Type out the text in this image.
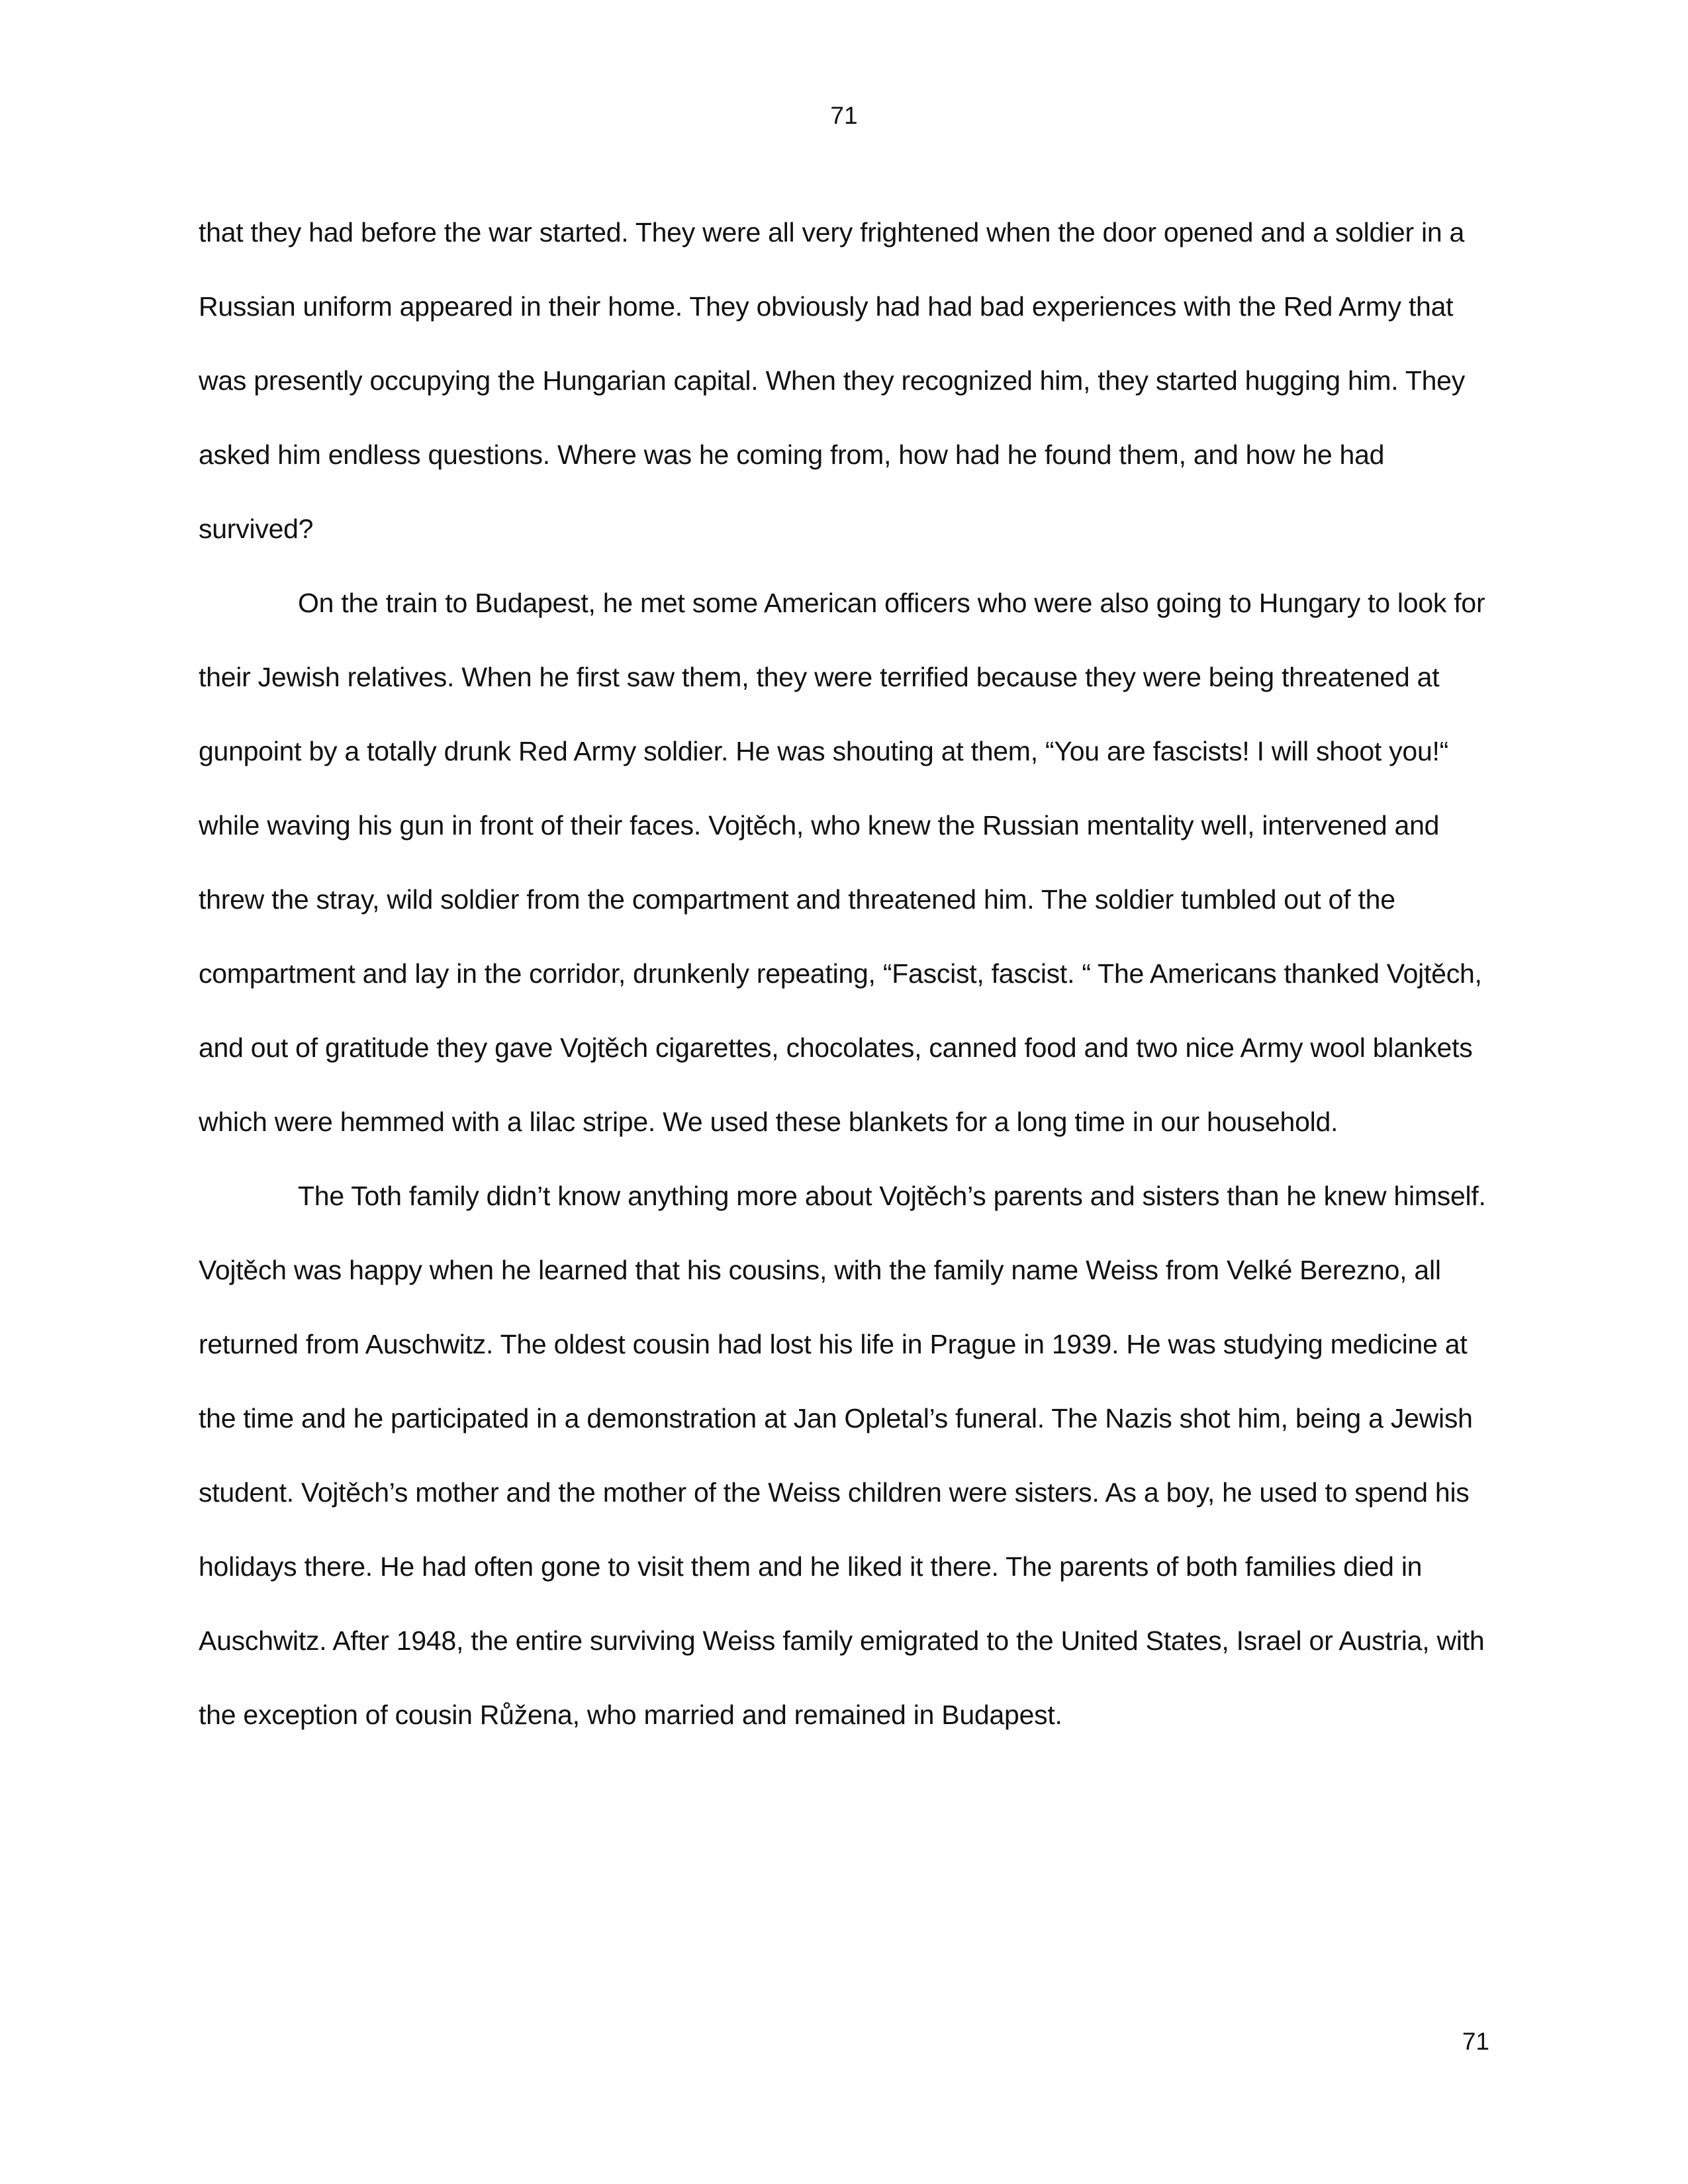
71

that they had before the war started. They were all very frightened when the door opened and a soldier in a Russian uniform appeared in their home. They obviously had had bad experiences with the Red Army that was presently occupying the Hungarian capital. When they recognized him, they started hugging him. They asked him endless questions. Where was he coming from, how had he found them, and how he had survived?

On the train to Budapest, he met some American officers who were also going to Hungary to look for their Jewish relatives. When he first saw them, they were terrified because they were being threatened at gunpoint by a totally drunk Red Army soldier. He was shouting at them, “You are fascists! I will shoot you!“ while waving his gun in front of their faces. Vojtěch, who knew the Russian mentality well, intervened and threw the stray, wild soldier from the compartment and threatened him. The soldier tumbled out of the compartment and lay in the corridor, drunkenly repeating, “Fascist, fascist. “ The Americans thanked Vojtěch, and out of gratitude they gave Vojtěch cigarettes, chocolates, canned food and two nice Army wool blankets which were hemmed with a lilac stripe. We used these blankets for a long time in our household.

The Toth family didn’t know anything more about Vojtěch’s parents and sisters than he knew himself. Vojtěch was happy when he learned that his cousins, with the family name Weiss from Velké Berezno, all returned from Auschwitz. The oldest cousin had lost his life in Prague in 1939. He was studying medicine at the time and he participated in a demonstration at Jan Opletal’s funeral. The Nazis shot him, being a Jewish student. Vojtěch’s mother and the mother of the Weiss children were sisters. As a boy, he used to spend his holidays there. He had often gone to visit them and he liked it there. The parents of both families died in Auschwitz. After 1948, the entire surviving Weiss family emigrated to the United States, Israel or Austria, with the exception of cousin Růžena, who married and remained in Budapest.

71
